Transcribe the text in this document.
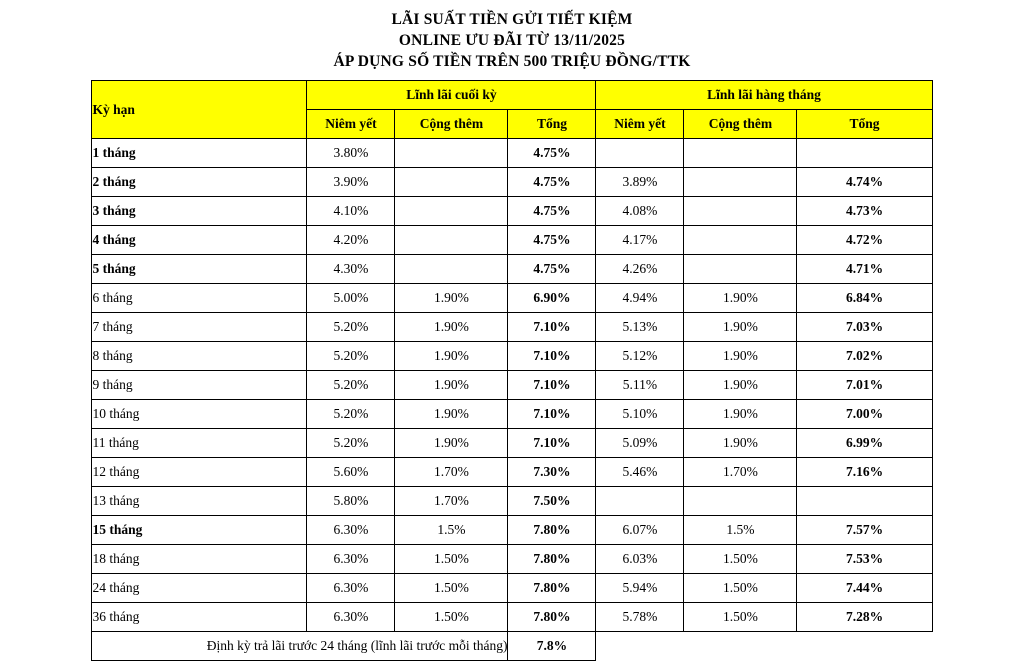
LÃI SUẤT TIỀN GỬI TIẾT KIỆM
ONLINE ƯU ĐÃI TỪ 13/11/2025
ÁP DỤNG SỐ TIỀN TRÊN 500 TRIỆU ĐỒNG/TTK
Kỳ hạn	Lĩnh lãi cuối kỳ			Lĩnh lãi hàng tháng		
	Niêm yết	Cộng thêm	Tổng	Niêm yết	Cộng thêm	Tổng
1 tháng	3.80%		4.75%			
2 tháng	3.90%		4.75%	3.89%		4.74%
3 tháng	4.10%		4.75%	4.08%		4.73%
4 tháng	4.20%		4.75%	4.17%		4.72%
5 tháng	4.30%		4.75%	4.26%		4.71%
6 tháng	5.00%	1.90%	6.90%	4.94%	1.90%	6.84%
7 tháng	5.20%	1.90%	7.10%	5.13%	1.90%	7.03%
8 tháng	5.20%	1.90%	7.10%	5.12%	1.90%	7.02%
9 tháng	5.20%	1.90%	7.10%	5.11%	1.90%	7.01%
10 tháng	5.20%	1.90%	7.10%	5.10%	1.90%	7.00%
11 tháng	5.20%	1.90%	7.10%	5.09%	1.90%	6.99%
12 tháng	5.60%	1.70%	7.30%	5.46%	1.70%	7.16%
13 tháng	5.80%	1.70%	7.50%			
15 tháng	6.30%	1.5%	7.80%	6.07%	1.5%	7.57%
18 tháng	6.30%	1.50%	7.80%	6.03%	1.50%	7.53%
24 tháng	6.30%	1.50%	7.80%	5.94%	1.50%	7.44%
36 tháng	6.30%	1.50%	7.80%	5.78%	1.50%	7.28%
Định kỳ trả lãi trước 24 tháng (lĩnh lãi trước mỗi tháng)			7.8%			
